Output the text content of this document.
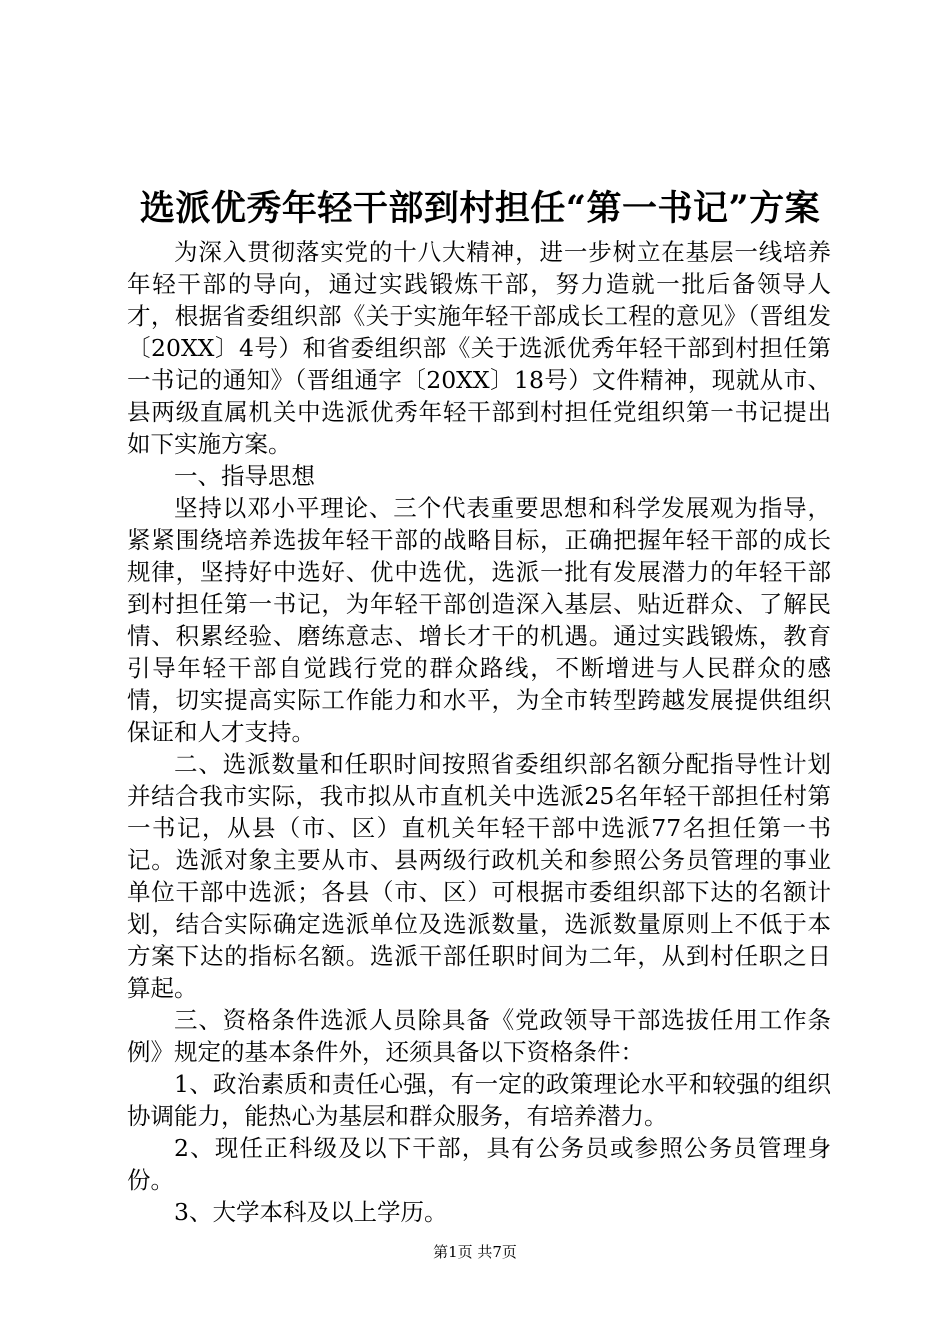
选派优秀年轻干部到村担任“第一书记”方案

为深入贯彻落实党的十八大精神，进一步树立在基层一线培养年轻干部的导向，通过实践锻炼干部，努力造就一批后备领导人才，根据省委组织部《关于实施年轻干部成长工程的意见》（晋组发〔20XX〕4号）和省委组织部《关于选派优秀年轻干部到村担任第一书记的通知》（晋组通字〔20XX〕18号）文件精神，现就从市、县两级直属机关中选派优秀年轻干部到村担任党组织第一书记提出如下实施方案。

一、指导思想

坚持以邓小平理论、三个代表重要思想和科学发展观为指导，紧紧围绕培养选拔年轻干部的战略目标，正确把握年轻干部的成长规律，坚持好中选好、优中选优，选派一批有发展潜力的年轻干部到村担任第一书记，为年轻干部创造深入基层、贴近群众、了解民情、积累经验、磨练意志、增长才干的机遇。通过实践锻炼，教育引导年轻干部自觉践行党的群众路线，不断增进与人民群众的感情，切实提高实际工作能力和水平，为全市转型跨越发展提供组织保证和人才支持。

二、选派数量和任职时间按照省委组织部名额分配指导性计划并结合我市实际，我市拟从市直机关中选派25名年轻干部担任村第一书记，从县（市、区）直机关年轻干部中选派77名担任第一书记。选派对象主要从市、县两级行政机关和参照公务员管理的事业单位干部中选派；各县（市、区）可根据市委组织部下达的名额计划，结合实际确定选派单位及选派数量，选派数量原则上不低于本方案下达的指标名额。选派干部任职时间为二年，从到村任职之日算起。

三、资格条件选派人员除具备《党政领导干部选拔任用工作条例》规定的基本条件外，还须具备以下资格条件：

1、政治素质和责任心强，有一定的政策理论水平和较强的组织协调能力，能热心为基层和群众服务，有培养潜力。

2、现任正科级及以下干部，具有公务员或参照公务员管理身份。

3、大学本科及以上学历。

第1页 共7页
